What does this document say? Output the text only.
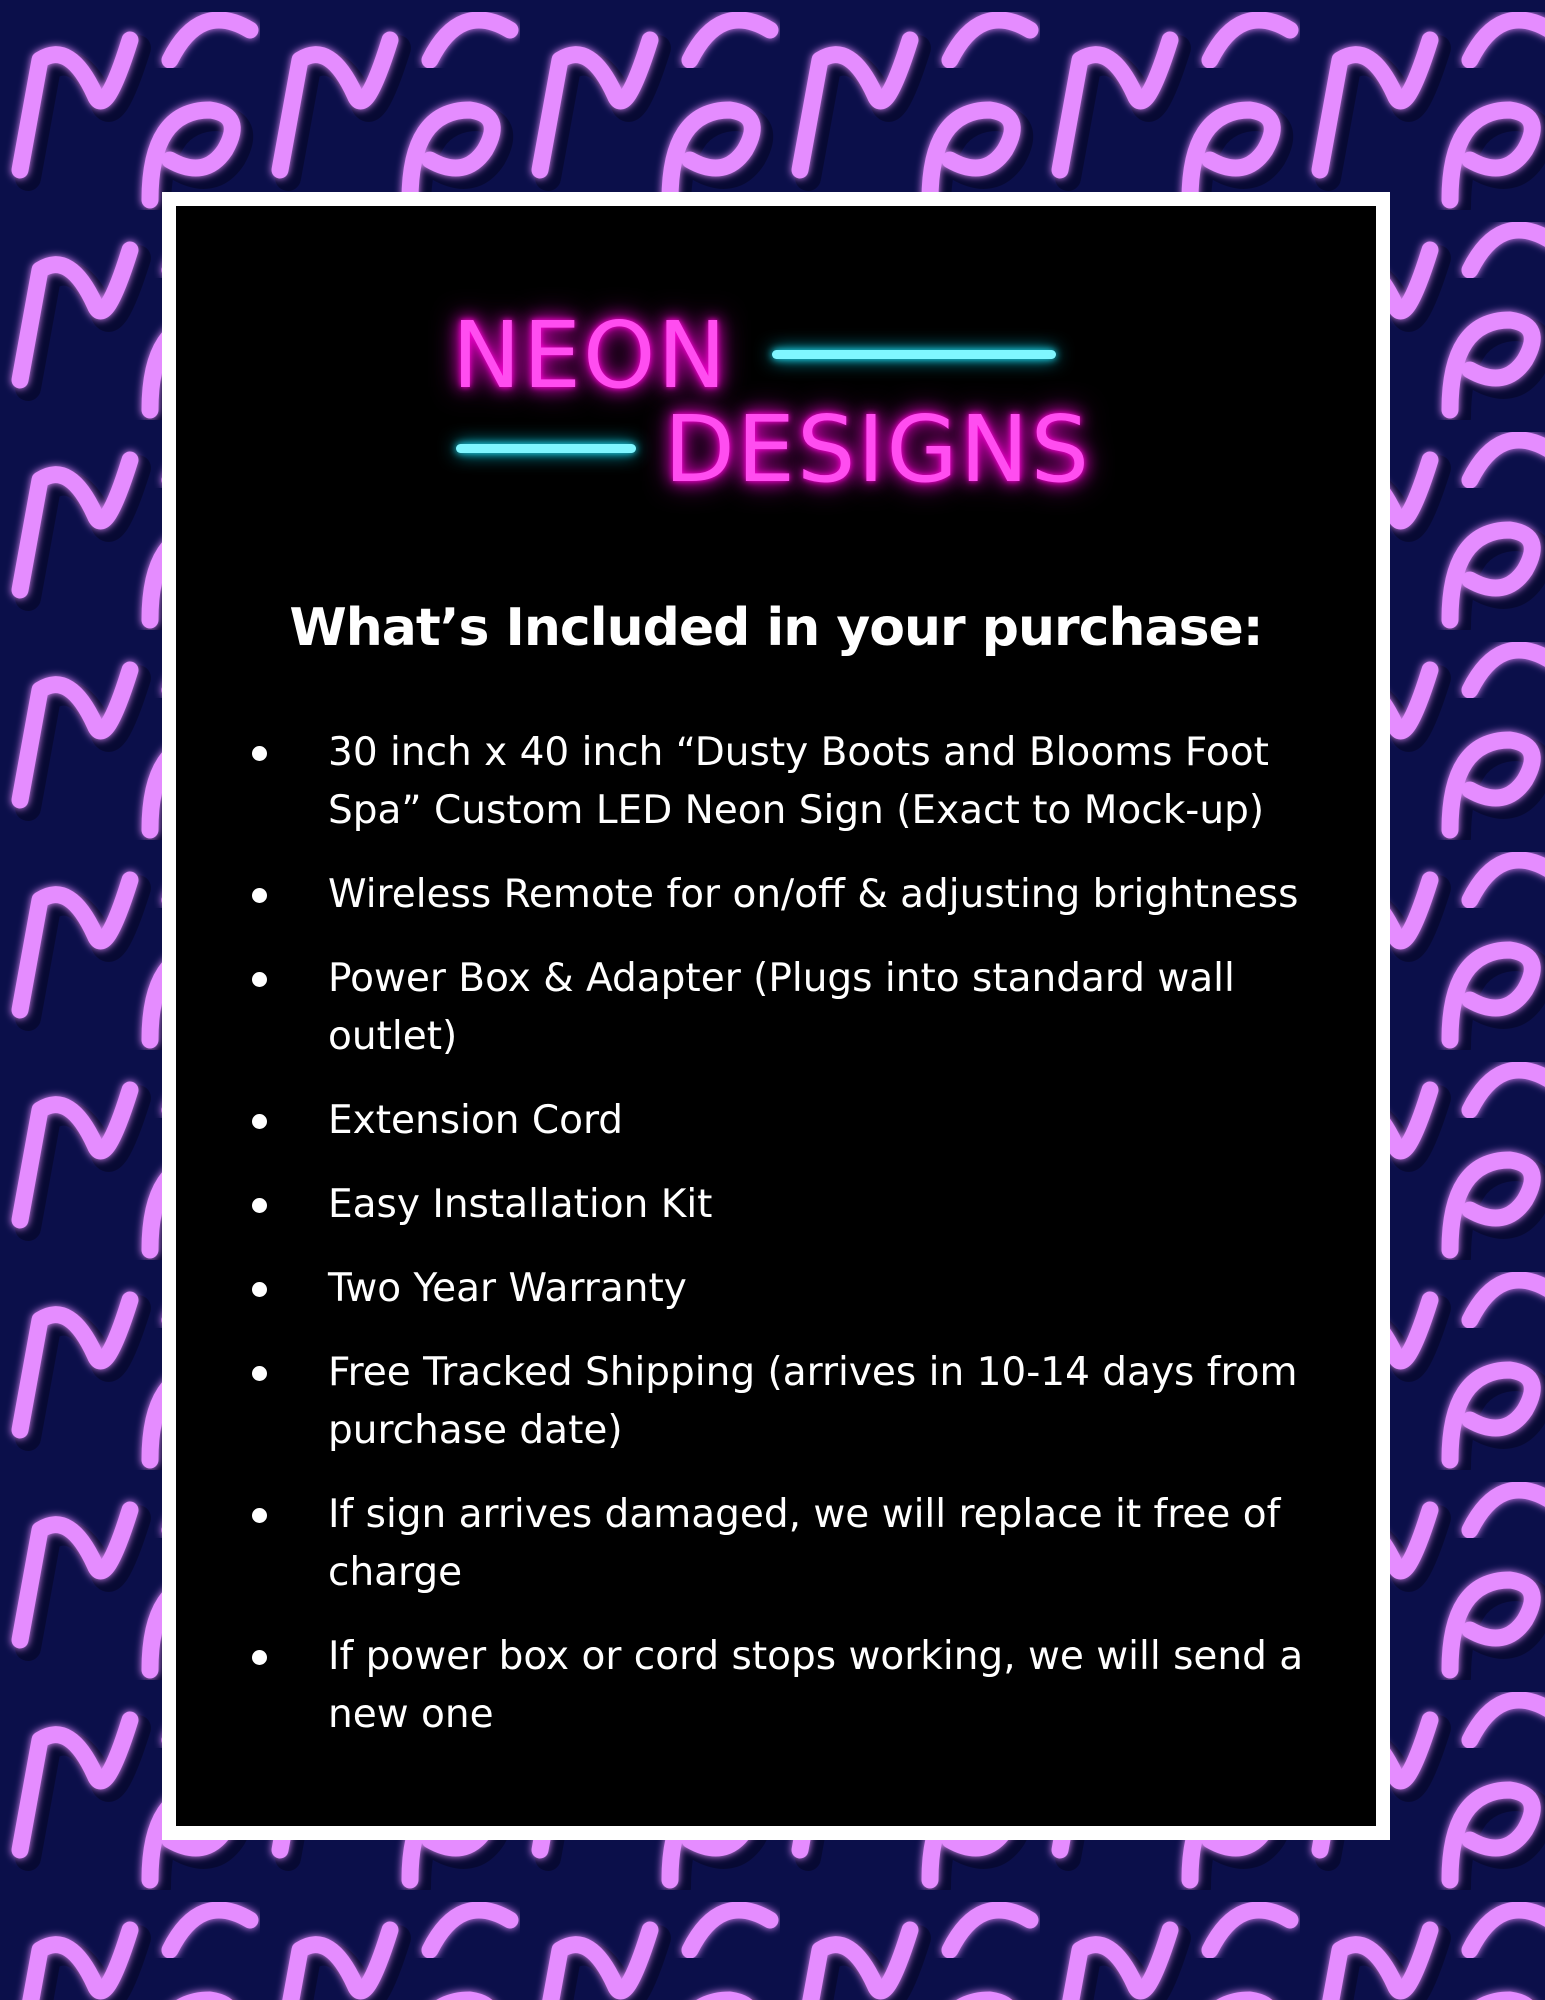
NEON
DESIGNS
What’s Included in your purchase:
30 inch x 40 inch “Dusty Boots and Blooms Foot Spa” Custom LED Neon Sign (Exact to Mock-up)
Wireless Remote for on/off & adjusting brightness
Power Box & Adapter (Plugs into standard wall outlet)
Extension Cord
Easy Installation Kit
Two Year Warranty
Free Tracked Shipping (arrives in 10-14 days from purchase date)
If sign arrives damaged, we will replace it free of charge
If power box or cord stops working, we will send a new one
